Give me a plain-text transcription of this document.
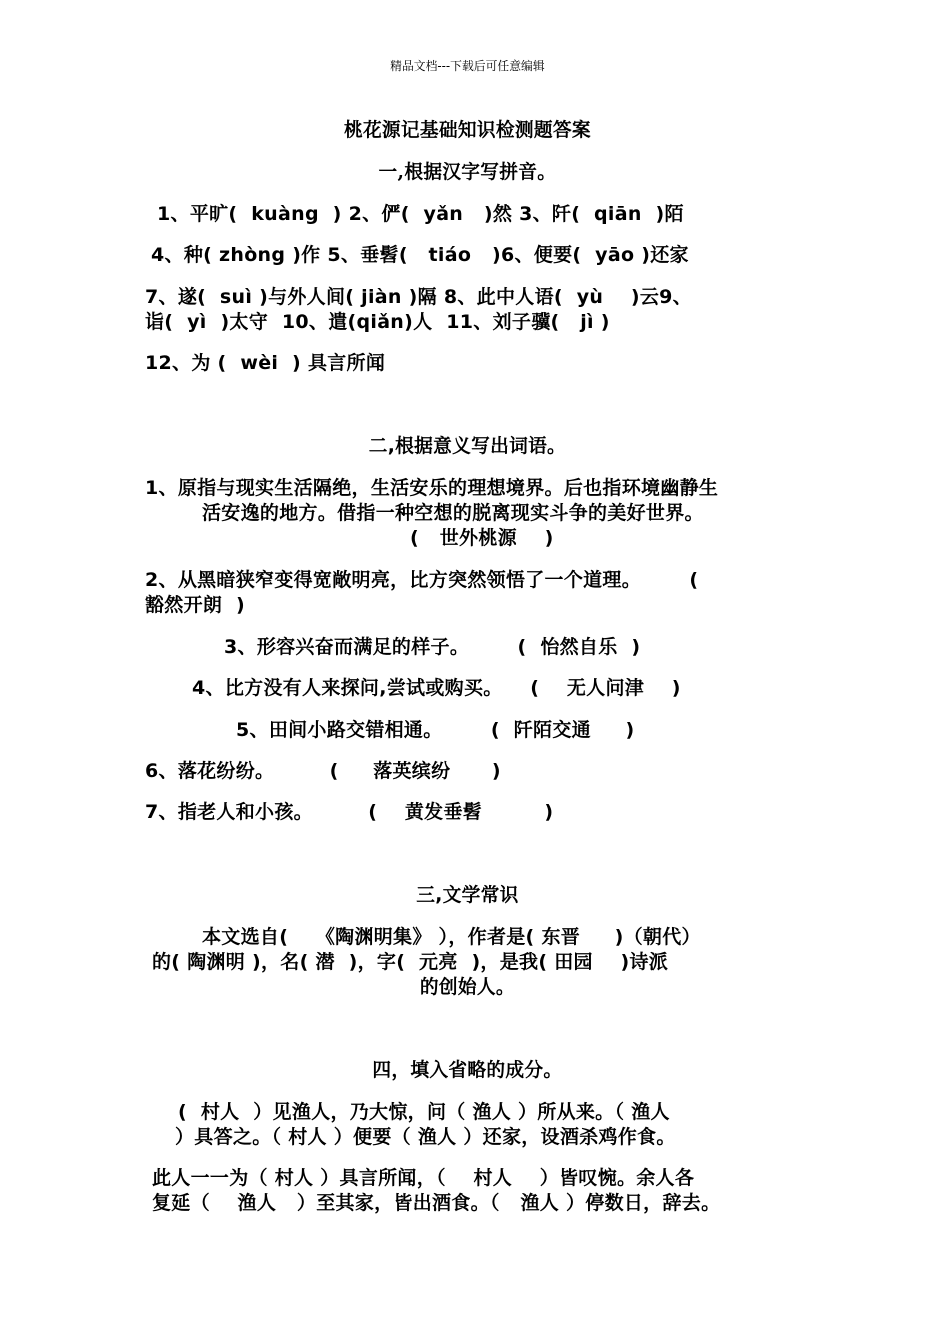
精品文档---下载后可任意编辑
桃花源记基础知识检测题答案
一,根据汉字写拼音。
1、平旷(  kuàng  ) 2、俨(  yǎn   )然 3、阡(  qiān  )陌
4、种( zhòng )作 5、垂髫(   tiáo   )6、便要(  yāo )还家
7、遂(  suì )与外人间( jiàn )隔 8、此中人语(  yù    )云9、
诣(  yì  )太守  10、遣(qiǎn)人  11、刘子骥(   jì )
12、为 (  wèi  ) 具言所闻
二,根据意义写出词语。
1、原指与现实生活隔绝，生活安乐的理想境界。后也指环境幽静生
活安逸的地方。借指一种空想的脱离现实斗争的美好世界。
(   世外桃源    )
2、从黑暗狭窄变得宽敞明亮，比方突然领悟了一个道理。       (
豁然开朗  )
3、形容兴奋而满足的样子。       (  怡然自乐  )
4、比方没有人来探问,尝试或购买。    (    无人问津    )
5、田间小路交错相通。       (  阡陌交通     )
6、落花纷纷。        (     落英缤纷      )
7、指老人和小孩。        (    黄发垂髫         )
三,文学常识
本文选自(    《陶渊明集》 ），作者是( 东晋     )（朝代）
的( 陶渊明 )，名( 潜  )，字(  元亮  )，是我( 田园    )诗派
的创始人。
四，填入省略的成分。
(  村人  ）见渔人，乃大惊，问（ 渔人 ）所从来。（ 渔人
）具答之。（ 村人 ）便要（ 渔人 ）还家，设酒杀鸡作食。
此人一一为（ 村人 ）具言所闻，（    村人    ）皆叹惋。余人各
复延（    渔人   ）至其家，皆出酒食。（   渔人 ）停数日，辞去。
